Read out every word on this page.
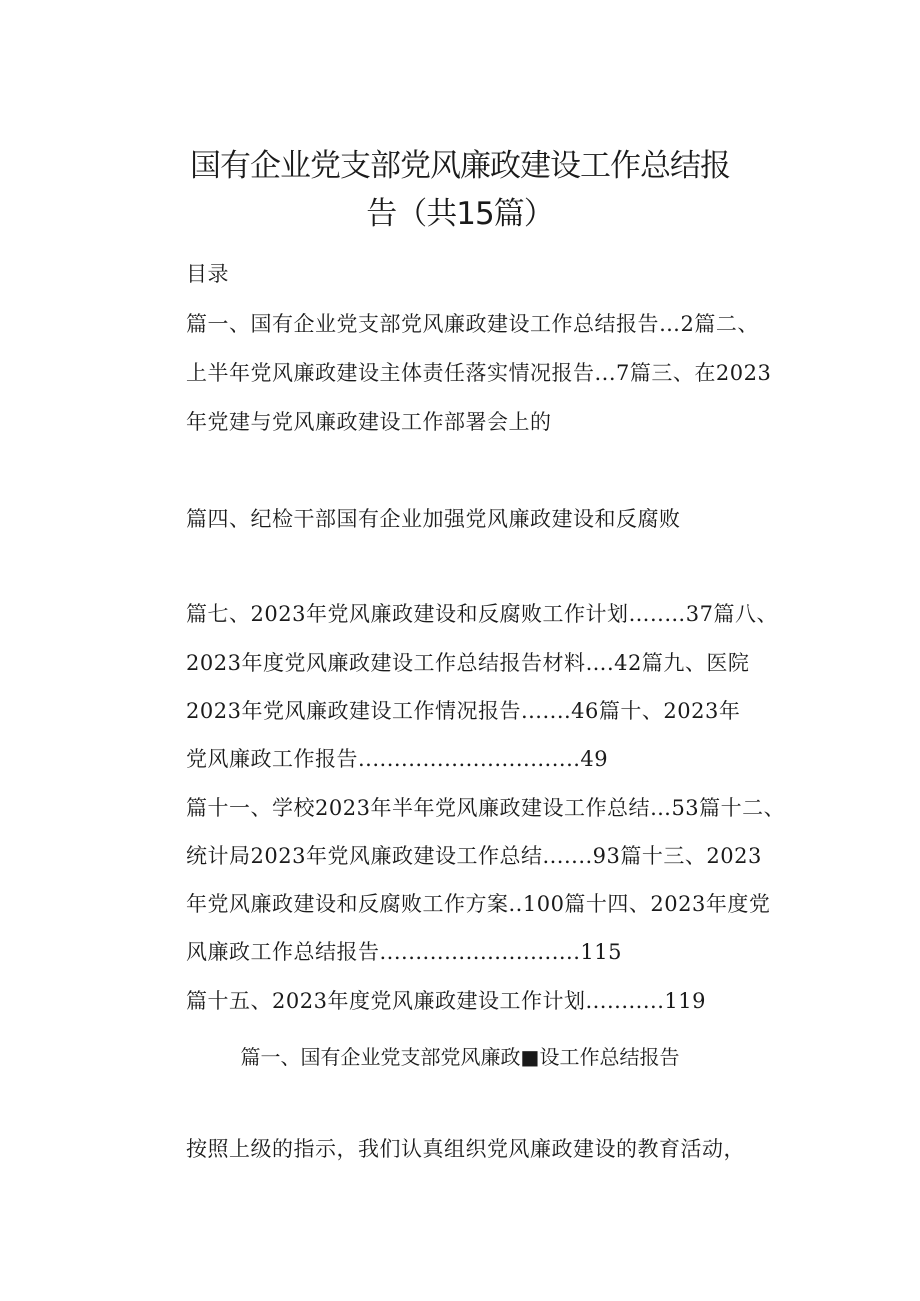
国有企业党支部党风廉政建设工作总结报
告（共15篇）
目录
篇一、国有企业党支部党风廉政建设工作总结报告…2篇二、
上半年党风廉政建设主体责任落实情况报告...7篇三、在2023
年党建与党风廉政建设工作部署会上的
篇四、纪检干部国有企业加强党风廉政建设和反腐败
篇七、2023年党风廉政建设和反腐败工作计划…..…37篇八、
2023年度党风廉政建设工作总结报告材料….42篇九、医院
2023年党风廉政建设工作情况报告.......46篇十、2023年
党风廉政工作报告...............................49
篇十一、学校2023年半年党风廉政建设工作总结…53篇十二、
统计局2023年党风廉政建设工作总结.......93篇十三、2023
年党风廉政建设和反腐败工作方案..100篇十四、2023年度党
风廉政工作总结报告............................115
篇十五、2023年度党风廉政建设工作计划...........119
篇一、国有企业党支部党风廉政■设工作总结报告
按照上级的指示，我们认真组织党风廉政建设的教育活动，
